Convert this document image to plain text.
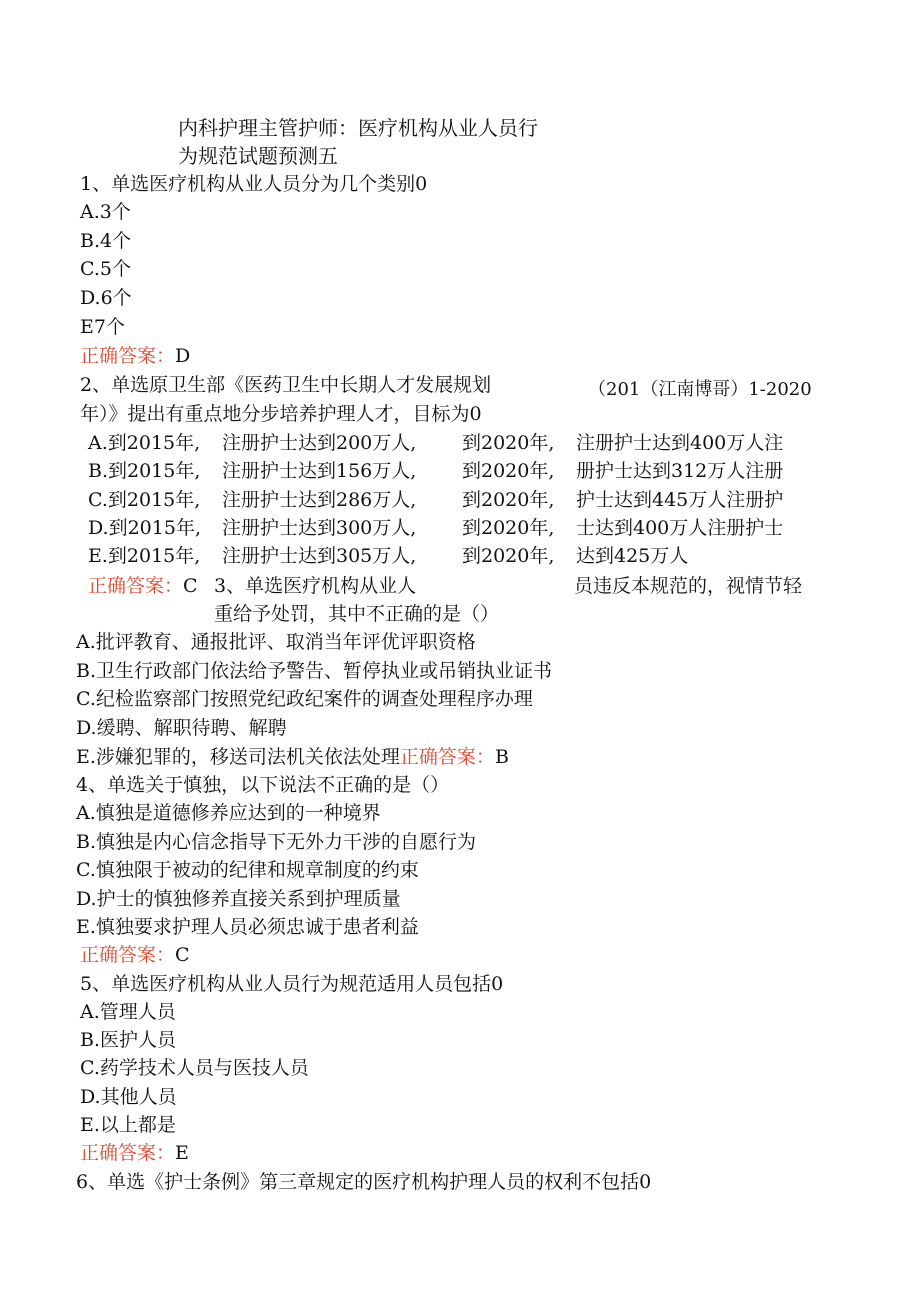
内科护理主管护师：医疗机构从业人员行
为规范试题预测五
1、单选医疗机构从业人员分为几个类别0
A.3个
B.4个
C.5个
D.6个
E7个
正确答案：D
2、单选原卫生部《医药卫生中长期人才发展规划	（201（江南博哥）1-2020
年）》提出有重点地分步培养护理人才，目标为0
A.到2015年, 注册护士达到200万人, 到2020年, 注册护士达到400万人注
B.到2015年, 注册护士达到156万人, 到2020年, 册护士达到312万人注册
C.到2015年, 注册护士达到286万人, 到2020年, 护士达到445万人注册护
D.到2015年, 注册护士达到300万人, 到2020年, 士达到400万人注册护士
E.到2015年, 注册护士达到305万人, 到2020年, 达到425万人
正确答案：C 3、单选医疗机构从业人	员违反本规范的，视情节轻
重给予处罚，其中不正确的是（）
A.批评教育、通报批评、取消当年评优评职资格
B.卫生行政部门依法给予警告、暂停执业或吊销执业证书
C.纪检监察部门按照党纪政纪案件的调查处理程序办理
D.缓聘、解职待聘、解聘
E.涉嫌犯罪的，移送司法机关依法处理正确答案：B
4、单选关于慎独，以下说法不正确的是（）
A.慎独是道德修养应达到的一种境界
B.慎独是内心信念指导下无外力干涉的自愿行为
C.慎独限于被动的纪律和规章制度的约束
D.护士的慎独修养直接关系到护理质量
E.慎独要求护理人员必须忠诚于患者利益
正确答案：C
5、单选医疗机构从业人员行为规范适用人员包括0
A.管理人员
B.医护人员
C.药学技术人员与医技人员
D.其他人员
E.以上都是
正确答案：E
6、单选《护士条例》第三章规定的医疗机构护理人员的权利不包括0
